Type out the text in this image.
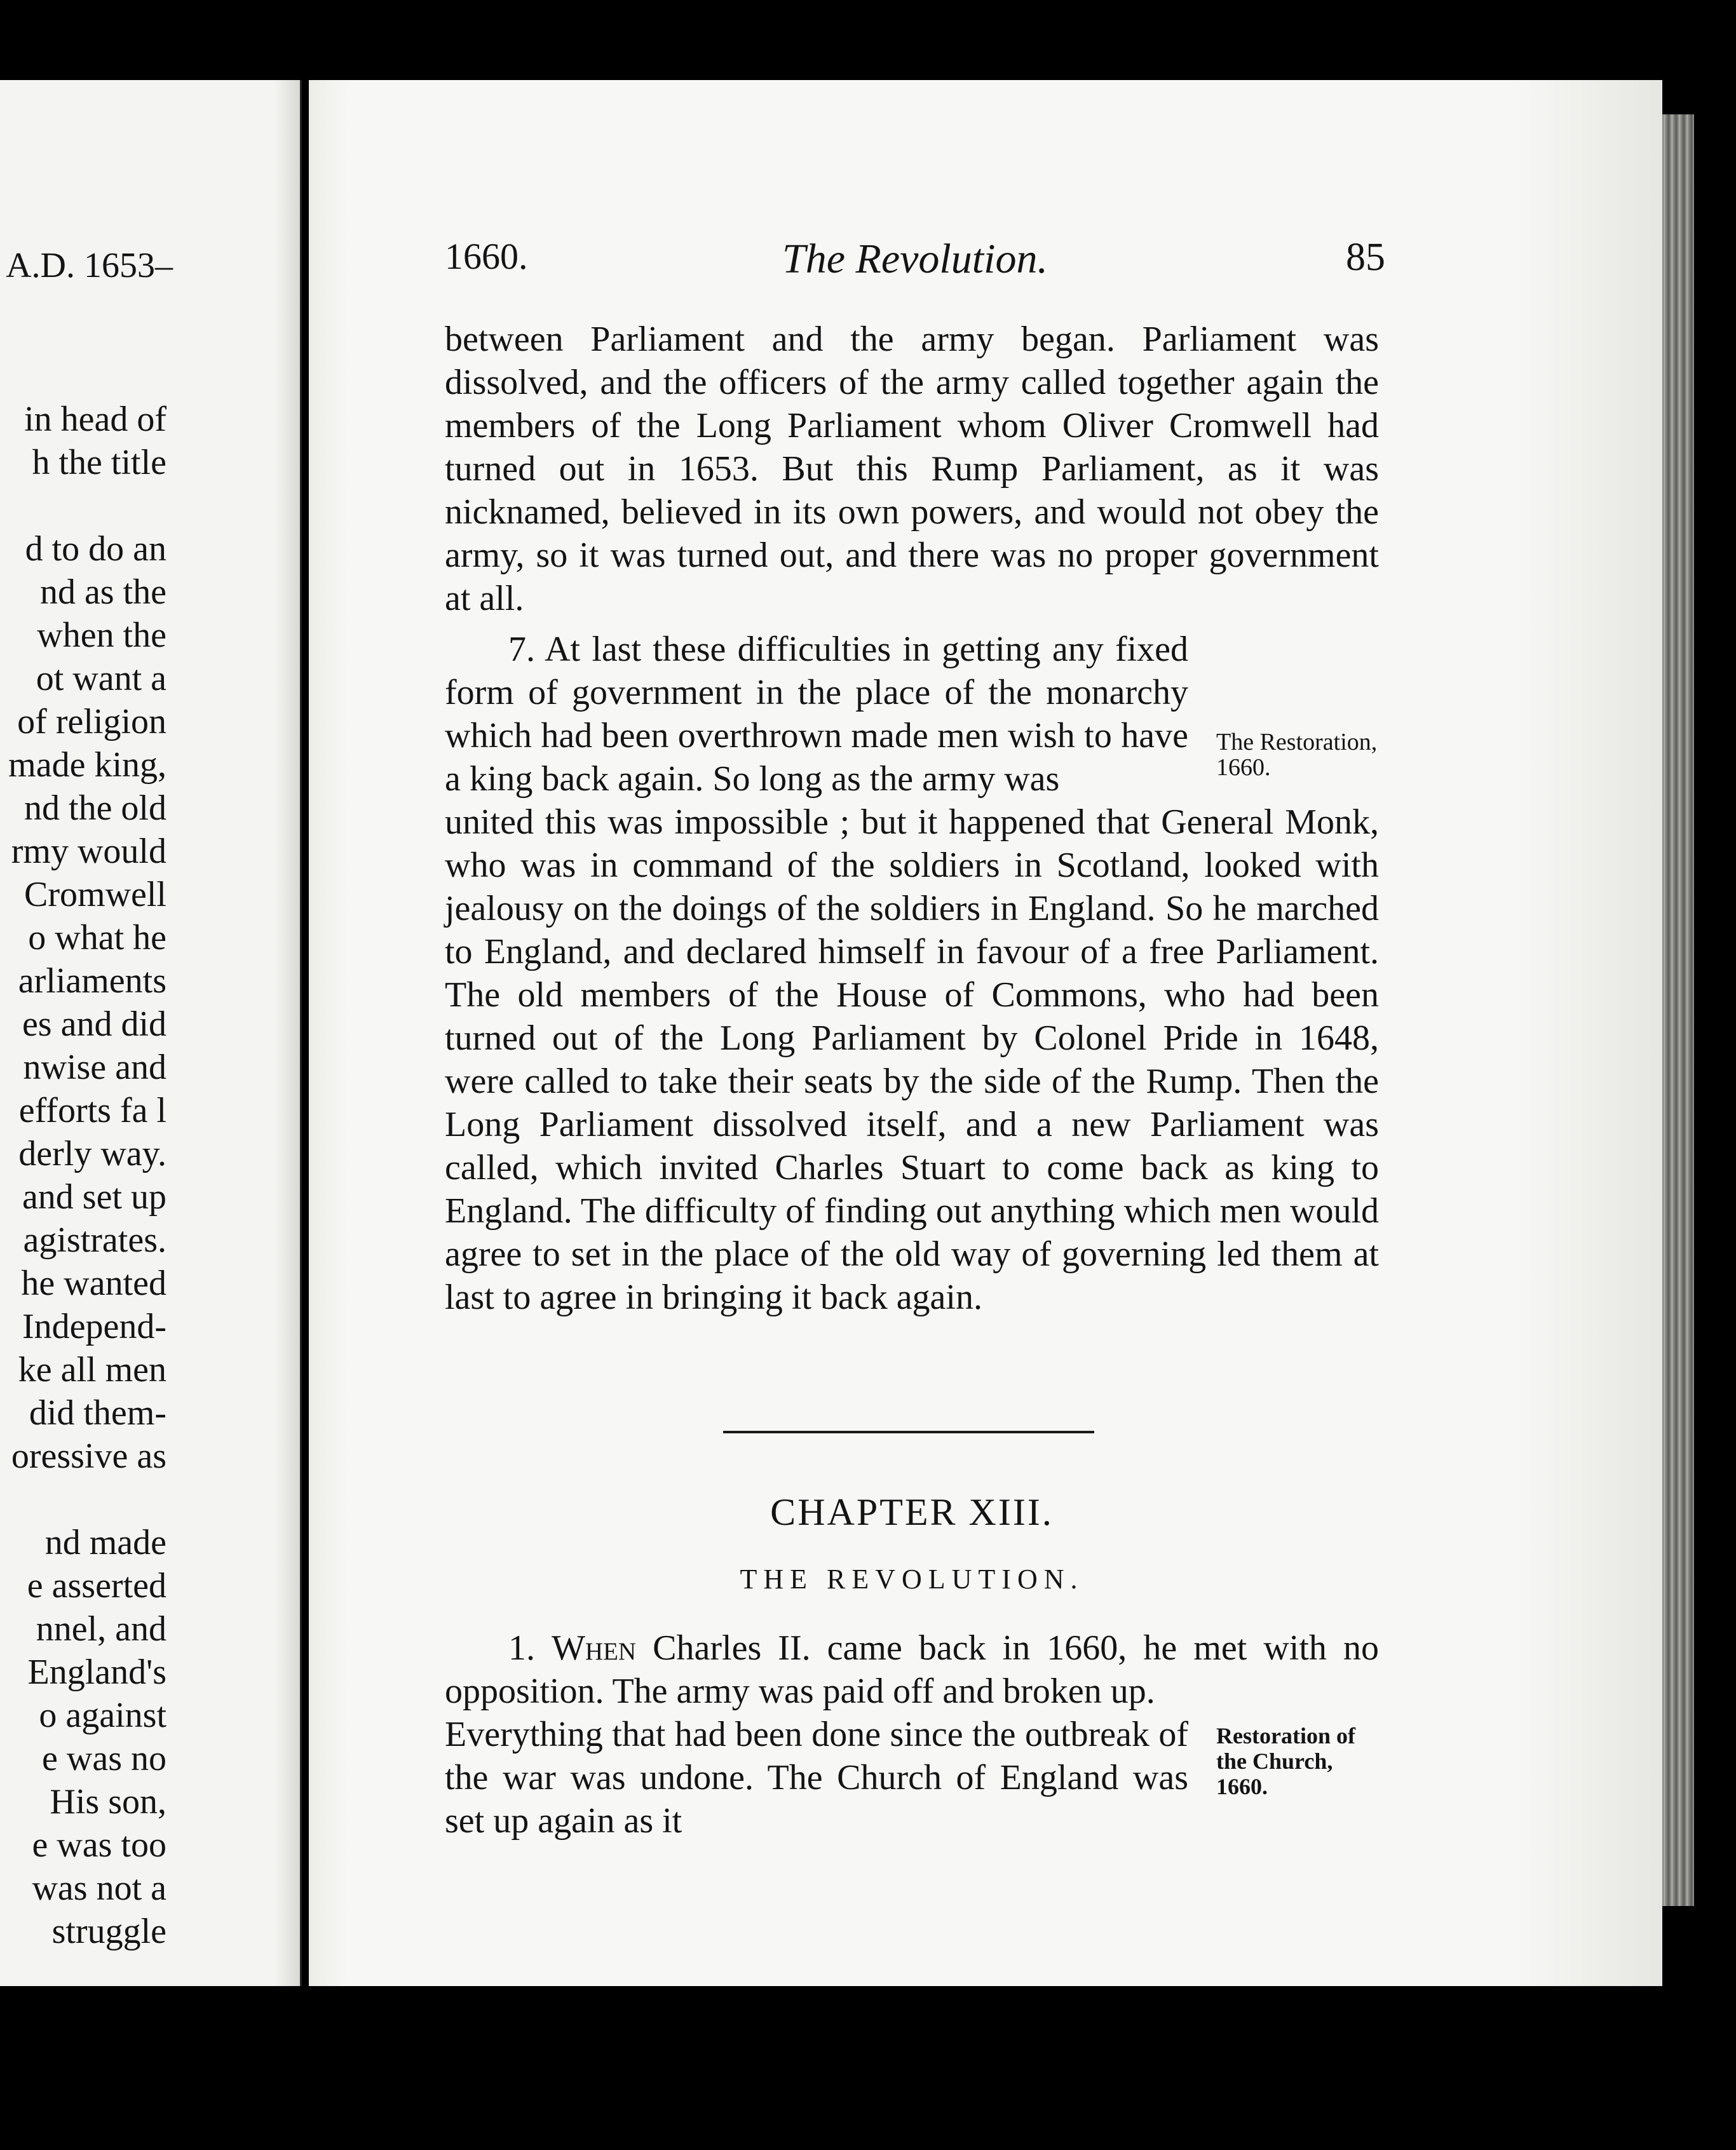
A.D. 1653–
in head of
h the title
d to do an
nd as the
when the
ot want a
of religion
made king,
nd the old
rmy would
Cromwell
o what he
arliaments
es and did
nwise and
efforts fa l
derly way.
and set up
agistrates.
he wanted
Independ-
ke all men
did them-
oressive as
nd made
e asserted
nnel, and
England's
o against
e was no
His son,
e was too
was not a
struggle
1660.	The Revolution.	85

between Parliament and the army began. Parliament was dissolved, and the officers of the army called together again the members of the Long Parliament whom Oliver Cromwell had turned out in 1653. But this Rump Parliament, as it was nicknamed, believed in its own powers, and would not obey the army, so it was turned out, and there was no proper government at all.

7. At last these difficulties in getting any fixed form of government in the place of the monarchy which had been overthrown made men wish to have a king back again. So long as the army was

The Restoration, 1660.

united this was impossible ; but it happened that General Monk, who was in command of the soldiers in Scotland, looked with jealousy on the doings of the soldiers in England. So he marched to England, and declared himself in favour of a free Parliament. The old members of the House of Commons, who had been turned out of the Long Parliament by Colonel Pride in 1648, were called to take their seats by the side of the Rump. Then the Long Parliament dissolved itself, and a new Parliament was called, which invited Charles Stuart to come back as king to England. The difficulty of finding out anything which men would agree to set in the place of the old way of governing led them at last to agree in bringing it back again.

CHAPTER XIII.
THE REVOLUTION.

1. When Charles II. came back in 1660, he met with no opposition. The army was paid off and broken up.

Everything that had been done since the outbreak of the war was undone. The Church of England was set up again as it

Restoration of the Church, 1660.
